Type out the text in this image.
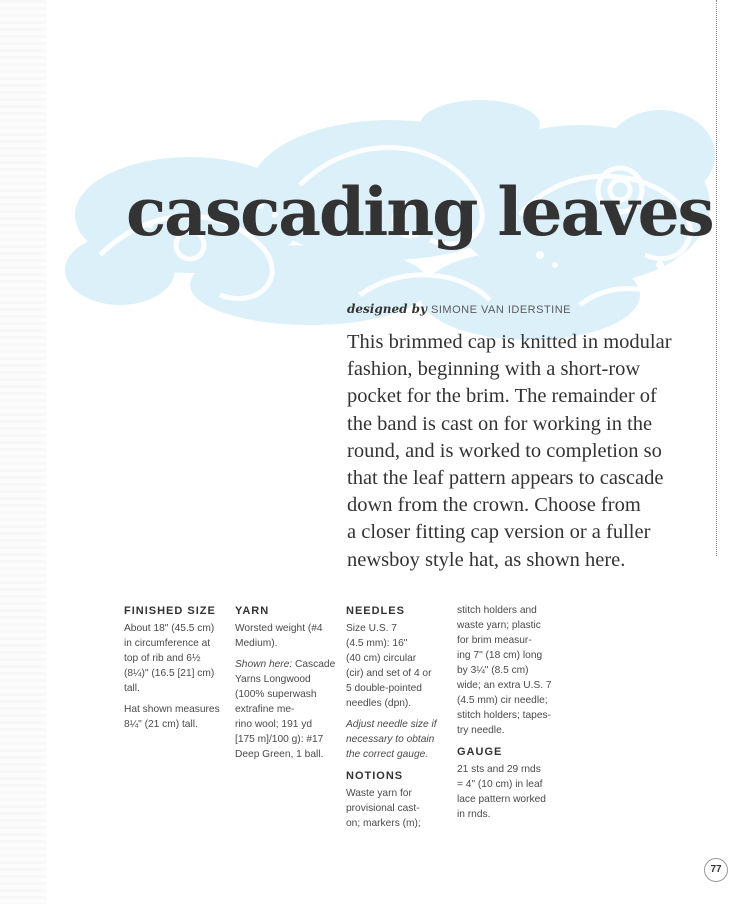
cascading leaves
designed by SIMONE VAN IDERSTINE
This brimmed cap is knitted in modular
fashion, beginning with a short-row
pocket for the brim. The remainder of
the band is cast on for working in the
round, and is worked to completion so
that the leaf pattern appears to cascade
down from the crown. Choose from
a closer fitting cap version or a fuller
newsboy style hat, as shown here.
FINISHED SIZE

About 18" (45.5 cm)
in circumference at
top of rib and 6½
(8¼)" (16.5 [21] cm)
tall.

Hat shown measures
8¼" (21 cm) tall.

YARN

Worsted weight (#4
Medium).

Shown here: Cascade
Yarns Longwood
(100% superwash
extrafine me-
rino wool; 191 yd
[175 m]/100 g): #17
Deep Green, 1 ball.

NEEDLES

Size U.S. 7
(4.5 mm): 16"
(40 cm) circular
(cir) and set of 4 or
5 double-pointed
needles (dpn).

Adjust needle size if
necessary to obtain
the correct gauge.

NOTIONS

Waste yarn for
provisional cast-
on; markers (m);

stitch holders and
waste yarn; plastic
for brim measur-
ing 7" (18 cm) long
by 3¼" (8.5 cm)
wide; an extra U.S. 7
(4.5 mm) cir needle;
stitch holders; tapes-
try needle.

GAUGE

21 sts and 29 rnds
= 4" (10 cm) in leaf
lace pattern worked
in rnds.

77
